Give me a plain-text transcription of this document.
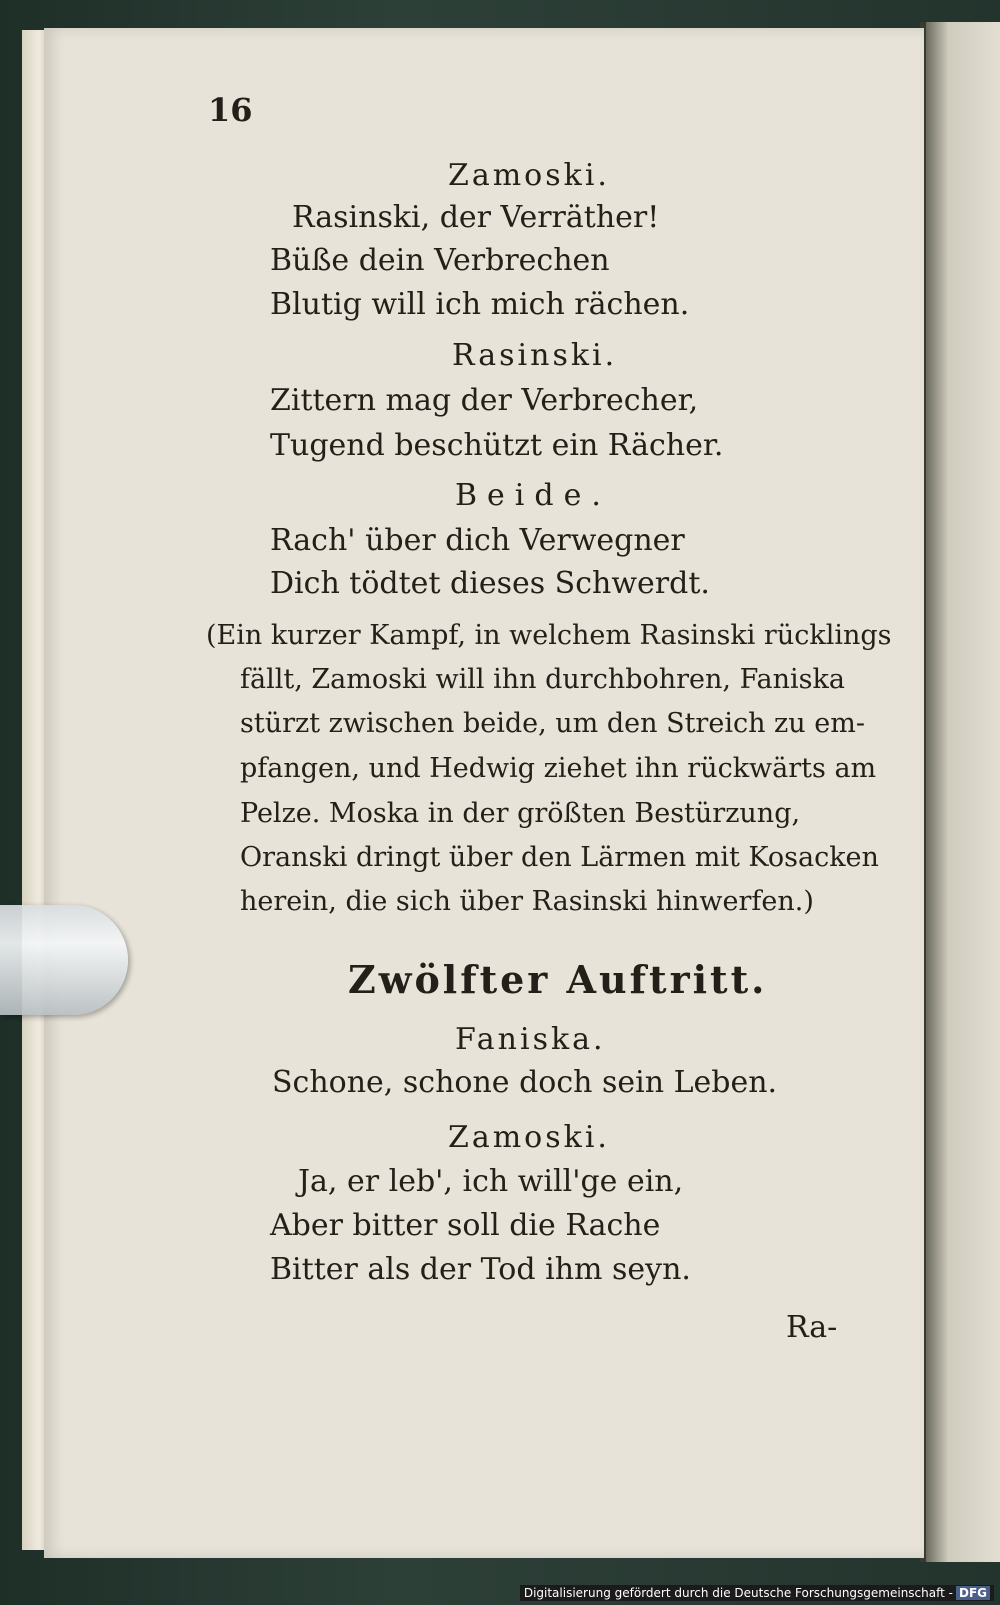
16
Zamoski.
Rasinski, der Verräther!
Büße dein Verbrechen
Blutig will ich mich rächen.
Rasinski.
Zittern mag der Verbrecher,
Tugend beschützt ein Rächer.
Beide.
Rach' über dich Verwegner
Dich tödtet dieses Schwerdt.
(Ein kurzer Kampf, in welchem Rasinski rücklings
fällt, Zamoski will ihn durchbohren, Faniska
stürzt zwischen beide, um den Streich zu em-
pfangen, und Hedwig ziehet ihn rückwärts am
Pelze. Moska in der größten Bestürzung,
Oranski dringt über den Lärmen mit Kosacken
herein, die sich über Rasinski hinwerfen.)
Zwölfter Auftritt.
Faniska.
Schone, schone doch sein Leben.
Zamoski.
Ja, er leb', ich will'ge ein,
Aber bitter soll die Rache
Bitter als der Tod ihm seyn.
Ra-
Digitalisierung gefördert durch die Deutsche Forschungsgemeinschaft - DFG
